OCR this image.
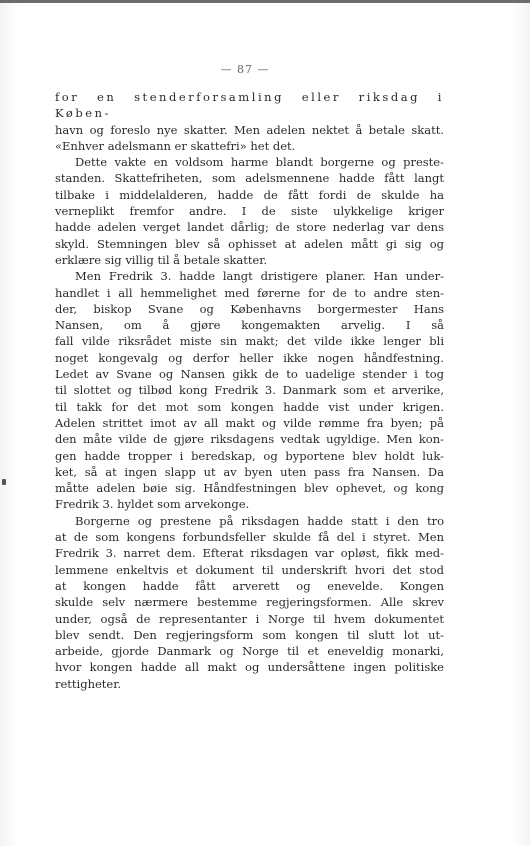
— 87 —

for en stenderforsamling eller riksdag i Køben-

havn og foreslo nye skatter. Men adelen nektet å betale skatt.

«Enhver adelsmann er skattefri» het det.

Dette vakte en voldsom harme blandt borgerne og preste-

standen. Skattefriheten, som adelsmennene hadde fått langt

tilbake i middelalderen, hadde de fått fordi de skulde ha

verneplikt fremfor andre. I de siste ulykkelige kriger

hadde adelen verget landet dårlig; de store nederlag var dens

skyld. Stemningen blev så ophisset at adelen mått gi sig og

erklære sig villig til å betale skatter.

Men Fredrik 3. hadde langt dristigere planer. Han under-

handlet i all hemmelighet med førerne for de to andre sten-

der, biskop Svane og Københavns borgermester Hans

Nansen, om å gjøre kongemakten arvelig. I så

fall vilde riksrådet miste sin makt; det vilde ikke lenger bli

noget kongevalg og derfor heller ikke nogen håndfestning.

Ledet av Svane og Nansen gikk de to uadelige stender i tog

til slottet og tilbød kong Fredrik 3. Danmark som et arverike,

til takk for det mot som kongen hadde vist under krigen.

Adelen strittet imot av all makt og vilde rømme fra byen; på

den måte vilde de gjøre riksdagens vedtak ugyldige. Men kon-

gen hadde tropper i beredskap, og byportene blev holdt luk-

ket, så at ingen slapp ut av byen uten pass fra Nansen. Da

måtte adelen bøie sig. Håndfestningen blev ophevet, og kong

Fredrik 3. hyldet som arvekonge.

Borgerne og prestene på riksdagen hadde statt i den tro

at de som kongens forbundsfeller skulde få del i styret. Men

Fredrik 3. narret dem. Efterat riksdagen var opløst, fikk med-

lemmene enkeltvis et dokument til underskrift hvori det stod

at kongen hadde fått arverett og enevelde. Kongen

skulde selv nærmere bestemme regjeringsformen. Alle skrev

under, også de representanter i Norge til hvem dokumentet

blev sendt. Den regjeringsform som kongen til slutt lot ut-

arbeide, gjorde Danmark og Norge til et eneveldig monarki,

hvor kongen hadde all makt og undersåttene ingen politiske

rettigheter.
